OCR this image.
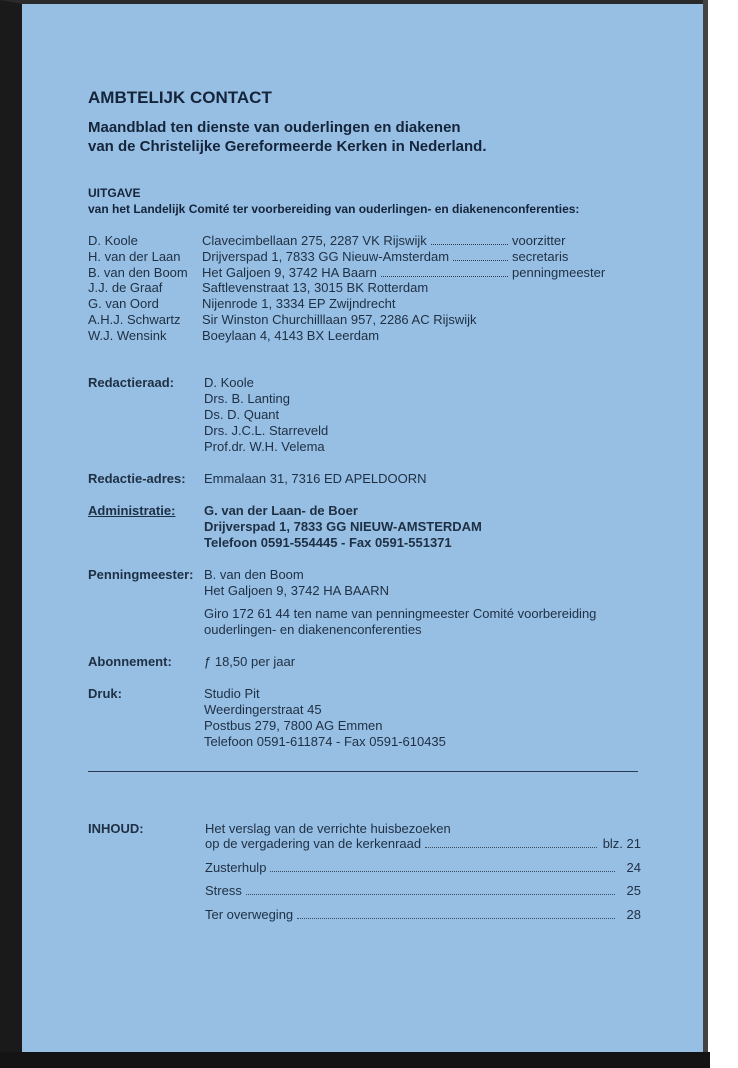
AMBTELIJK CONTACT
Maandblad ten dienste van ouderlingen en diakenen
van de Christelijke Gereformeerde Kerken in Nederland.
UITGAVE
van het Landelijk Comité ter voorbereiding van ouderlingen- en diakenenconferenties:
D. Koole	Clavecimbellaan 275, 2287 VK Rijswijk	voorzitter
H. van der Laan	Drijverspad 1, 7833 GG Nieuw-Amsterdam	secretaris
B. van den Boom	Het Galjoen 9, 3742 HA Baarn	penningmeester
J.J. de Graaf	Saftlevenstraat 13, 3015 BK Rotterdam
G. van Oord	Nijenrode 1, 3334 EP Zwijndrecht
A.H.J. Schwartz	Sir Winston Churchilllaan 957, 2286 AC Rijswijk
W.J. Wensink	Boeylaan 4, 4143 BX Leerdam
Redactieraad: D. Koole
Drs. B. Lanting
Ds. D. Quant
Drs. J.C.L. Starreveld
Prof.dr. W.H. Velema
Redactie-adres: Emmalaan 31, 7316 ED APELDOORN
Administratie: G. van der Laan- de Boer
Drijverspad 1, 7833 GG NIEUW-AMSTERDAM
Telefoon 0591-554445 - Fax 0591-551371
Penningmeester: B. van den Boom
Het Galjoen 9, 3742 HA BAARN
Giro 172 61 44 ten name van penningmeester Comité voorbereiding
ouderlingen- en diakenenconferenties
Abonnement: ƒ 18,50 per jaar
Druk:	Studio Pit
Weerdingerstraat 45
Postbus 279, 7800 AG Emmen
Telefoon 0591-611874 - Fax 0591-610435
INHOUD:	Het verslag van de verrichte huisbezoeken
op de vergadering van de kerkenraad	blz. 21
Zusterhulp	24
Stress	25
Ter overweging	28
